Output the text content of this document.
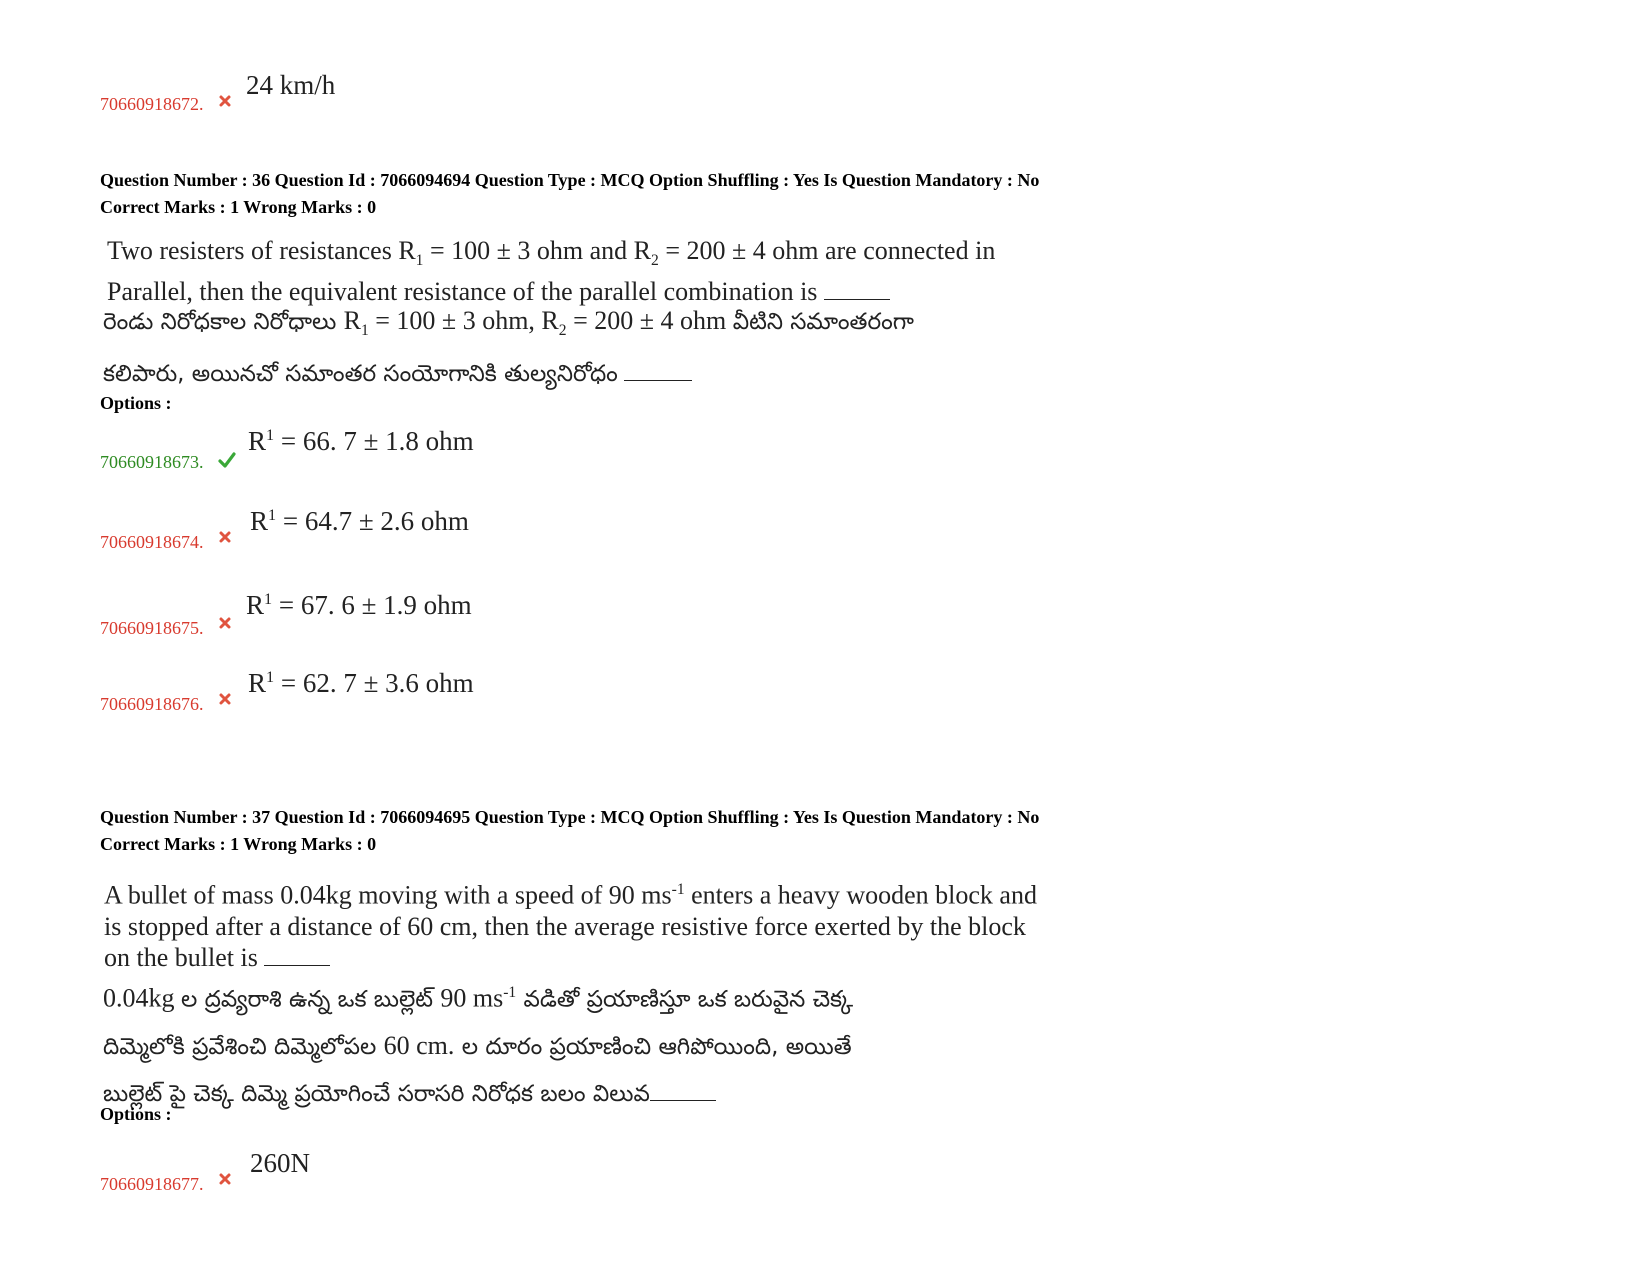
70660918672.
24 km/h
Question Number : 36 Question Id : 7066094694 Question Type : MCQ Option Shuffling : Yes Is Question Mandatory : No
Correct Marks : 1 Wrong Marks : 0
Two resisters of resistances $R_1 = 100 \pm 3$ ohm and $R_2 = 200 \pm 4$ ohm are connected in
Parallel, then the equivalent resistance of the parallel combination is
రెండు నిరోధకాల నిరోధాలు $R_1 = 100 \pm 3$ ohm, $R_2 = 200 \pm 4$ ohm వీటిని సమాంతరంగా
కలిపారు, అయినచో సమాంతర సంయోగానికి తుల్యనిరోధం
Options :
70660918673.
$R^1 = 66$. 7 ± 1.8 ohm
70660918674.
$R^1 = 64.7 \pm 2.6$ ohm
70660918675.
$R^1 = 67$. 6 ± 1.9 ohm
70660918676.
$R^1 = 62$. 7 ± 3.6 ohm
Question Number : 37 Question Id : 7066094695 Question Type : MCQ Option Shuffling : Yes Is Question Mandatory : No
Correct Marks : 1 Wrong Marks : 0
A bullet of mass 0.04kg moving with a speed of 90 $ms^{-1}$ enters a heavy wooden block and
is stopped after a distance of 60 cm, then the average resistive force exerted by the block
on the bullet is
0.04kg ల ద్రవ్యరాశి ఉన్న ఒక బుల్లెట్ 90 $ms^{-1}$ వడితో ప్రయాణిస్తూ ఒక బరువైన చెక్క
దిమ్మెలోకి ప్రవేశించి దిమ్మెలోపల 60 cm. ల దూరం ప్రయాణించి ఆగిపోయింది, అయితే
బుల్లెట్ పై చెక్క దిమ్మె ప్రయోగించే సరాసరి నిరోధక బలం విలువ
Options :
70660918677.
260N
